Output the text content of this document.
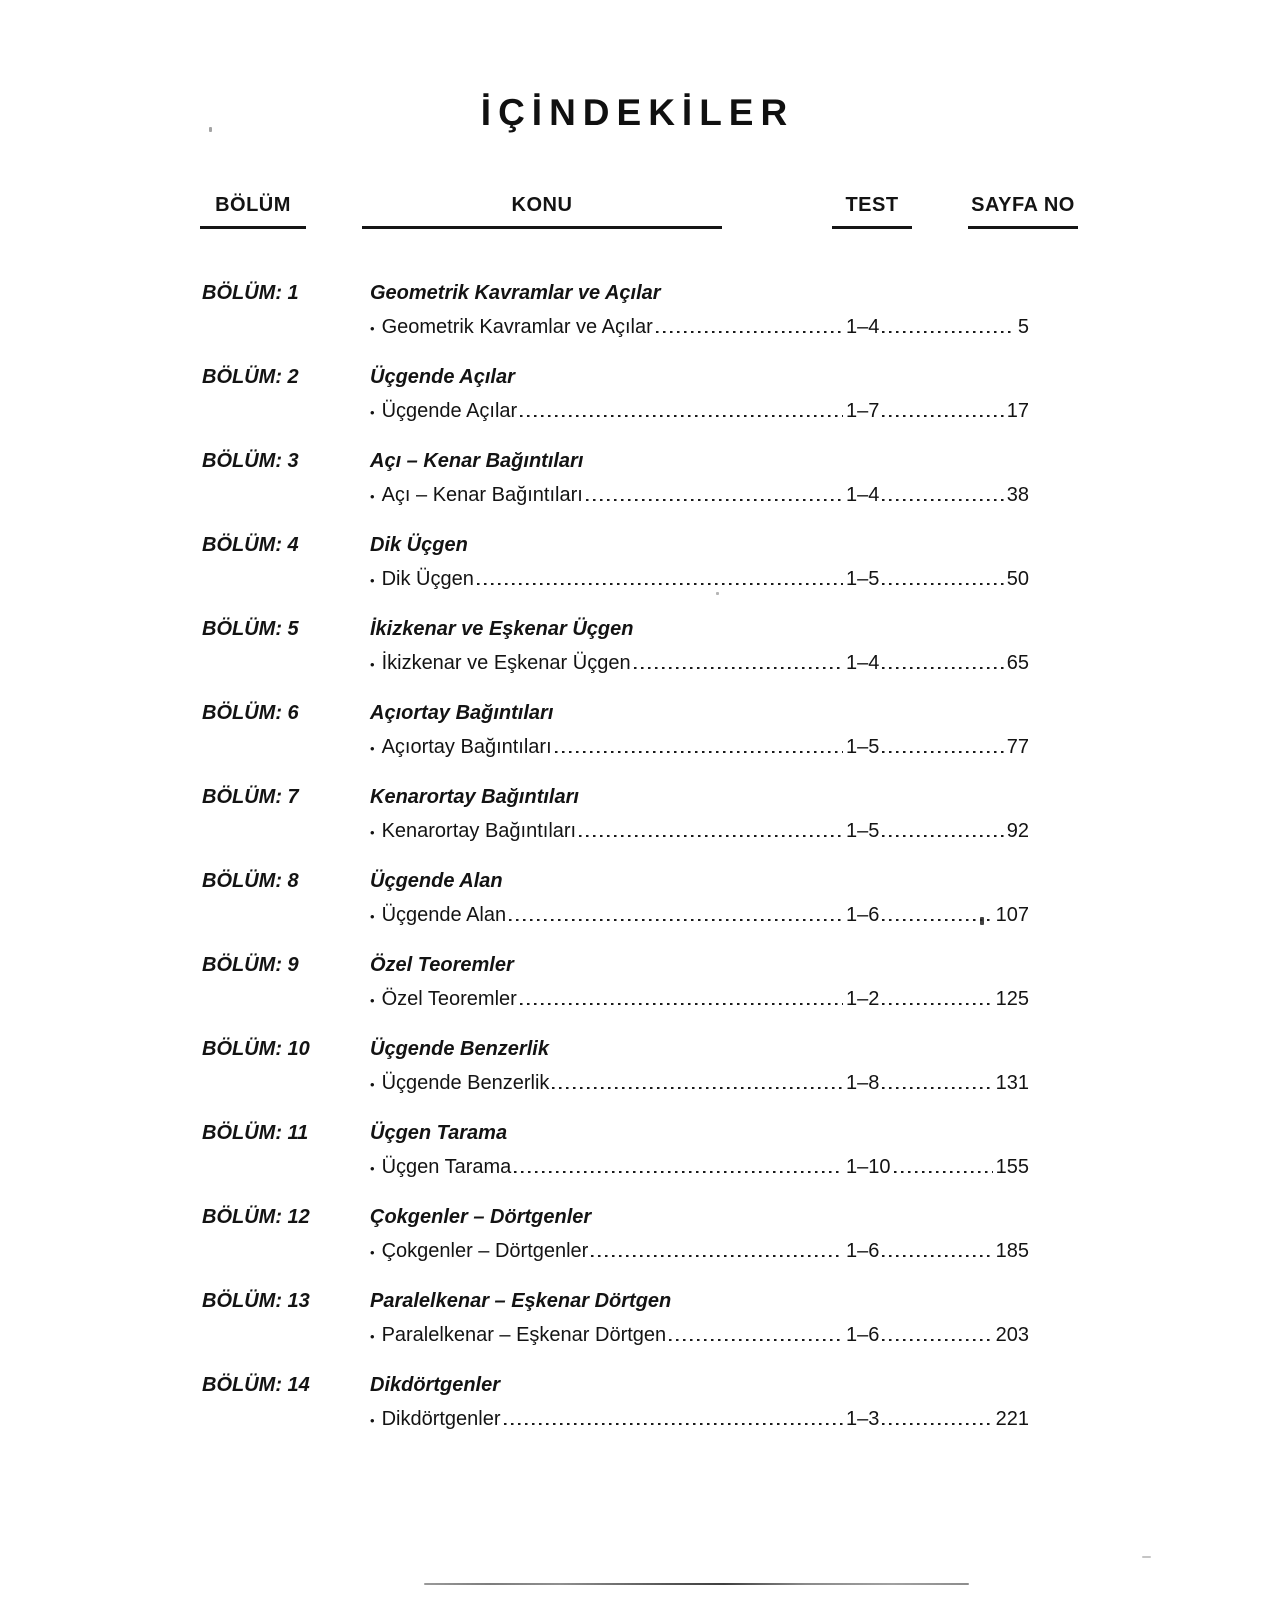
İÇİNDEKİLER
BÖLÜM	KONU	TEST	SAYFA NO
BÖLÜM: 1	Geometrik Kavramlar ve Açılar
• Geometrik Kavramlar ve Açılar	1–4	5
BÖLÜM: 2	Üçgende Açılar
• Üçgende Açılar	1–7	17
BÖLÜM: 3	Açı – Kenar Bağıntıları
• Açı – Kenar Bağıntıları	1–4	38
BÖLÜM: 4	Dik Üçgen
• Dik Üçgen	1–5	50
BÖLÜM: 5	İkizkenar ve Eşkenar Üçgen
• İkizkenar ve Eşkenar Üçgen	1–4	65
BÖLÜM: 6	Açıortay Bağıntıları
• Açıortay Bağıntıları	1–5	77
BÖLÜM: 7	Kenarortay Bağıntıları
• Kenarortay Bağıntıları	1–5	92
BÖLÜM: 8	Üçgende Alan
• Üçgende Alan	1–6	107
BÖLÜM: 9	Özel Teoremler
• Özel Teoremler	1–2	125
BÖLÜM: 10	Üçgende Benzerlik
• Üçgende Benzerlik	1–8	131
BÖLÜM: 11	Üçgen Tarama
• Üçgen Tarama	1–10	155
BÖLÜM: 12	Çokgenler – Dörtgenler
• Çokgenler – Dörtgenler	1–6	185
BÖLÜM: 13	Paralelkenar – Eşkenar Dörtgen
• Paralelkenar – Eşkenar Dörtgen	1–6	203
BÖLÜM: 14	Dikdörtgenler
• Dikdörtgenler	1–3	221
